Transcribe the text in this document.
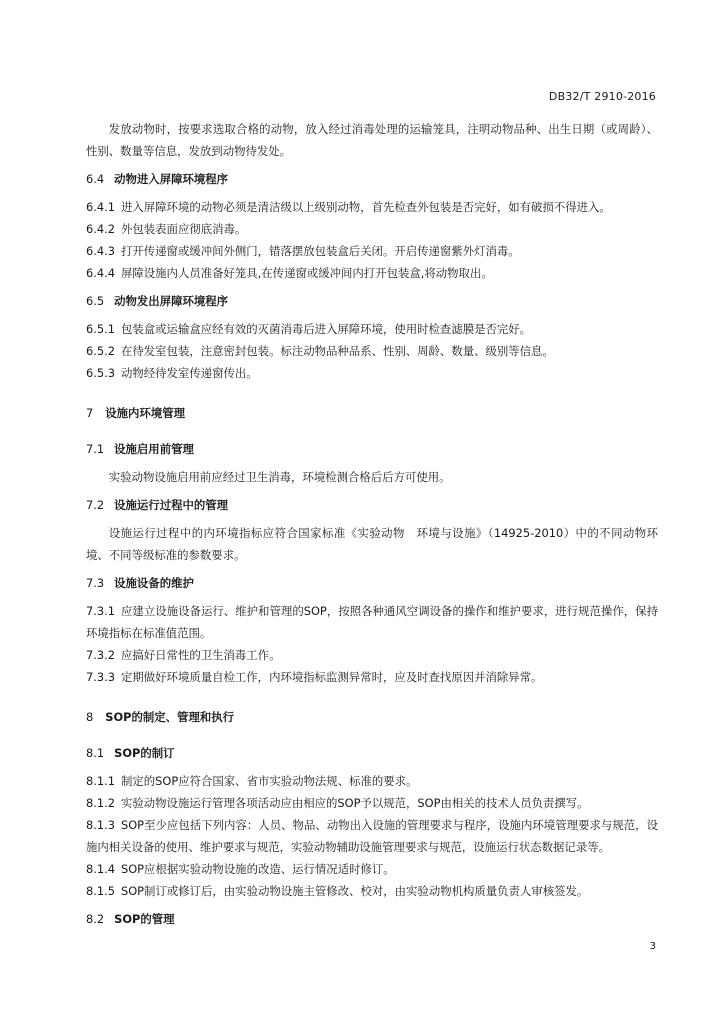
DB32/T 2910-2016

发放动物时，按要求选取合格的动物，放入经过消毒处理的运输笼具，注明动物品种、出生日期（或周龄）、性别、数量等信息，发放到动物待发处。

6.4 动物进入屏障环境程序

6.4.1 进入屏障环境的动物必须是清洁级以上级别动物，首先检查外包装是否完好，如有破损不得进入。

6.4.2 外包装表面应彻底消毒。

6.4.3 打开传递窗或缓冲间外侧门，错落摆放包装盒后关闭。开启传递窗紫外灯消毒。

6.4.4 屏障设施内人员准备好笼具,在传递窗或缓冲间内打开包装盒,将动物取出。

6.5 动物发出屏障环境程序

6.5.1 包装盒或运输盒应经有效的灭菌消毒后进入屏障环境，使用时检查滤膜是否完好。

6.5.2 在待发室包装，注意密封包装。标注动物品种品系、性别、周龄、数量、级别等信息。

6.5.3 动物经待发室传递窗传出。

7 设施内环境管理
7.1 设施启用前管理

实验动物设施启用前应经过卫生消毒，环境检测合格后后方可使用。

7.2 设施运行过程中的管理

设施运行过程中的内环境指标应符合国家标准《实验动物　环境与设施》（14925-2010）中的不同动物环境、不同等级标准的参数要求。

7.3 设施设备的维护

7.3.1 应建立设施设备运行、维护和管理的SOP，按照各种通风空调设备的操作和维护要求，进行规范操作，保持环境指标在标准值范围。

7.3.2 应搞好日常性的卫生消毒工作。

7.3.3 定期做好环境质量自检工作，内环境指标监测异常时，应及时查找原因并消除异常。

8 SOP的制定、管理和执行
8.1 SOP的制订

8.1.1 制定的SOP应符合国家、省市实验动物法规、标准的要求。

8.1.2 实验动物设施运行管理各项活动应由相应的SOP予以规范，SOP由相关的技术人员负责撰写。

8.1.3 SOP至少应包括下列内容：人员、物品、动物出入设施的管理要求与程序，设施内环境管理要求与规范，设施内相关设备的使用、维护要求与规范，实验动物辅助设施管理要求与规范，设施运行状态数据记录等。

8.1.4 SOP应根据实验动物设施的改造、运行情况适时修订。

8.1.5 SOP制订或修订后，由实验动物设施主管修改、校对，由实验动物机构质量负责人审核签发。

8.2 SOP的管理
3
